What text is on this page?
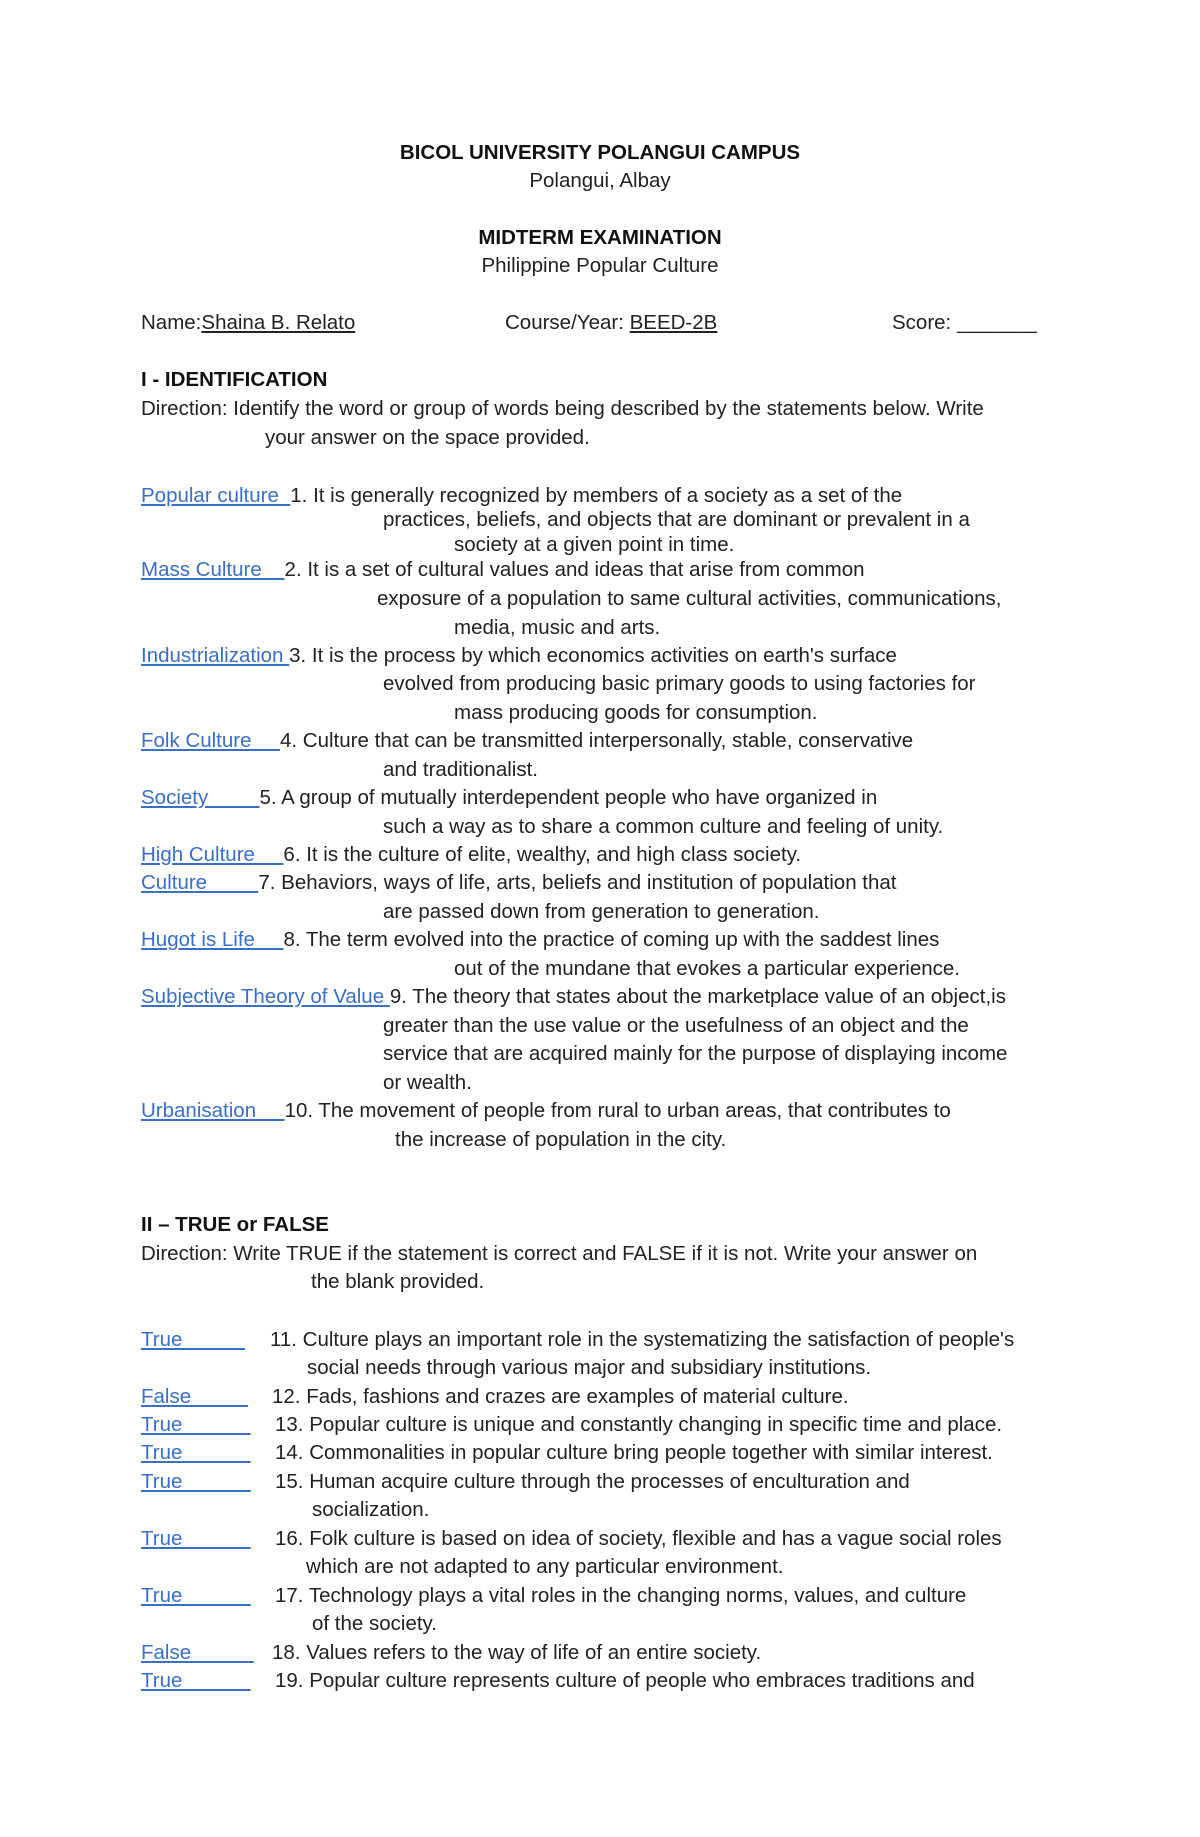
BICOL UNIVERSITY POLANGUI CAMPUS
Polangui, Albay
MIDTERM EXAMINATION
Philippine Popular Culture
Name:Shaina B. Relato	Course/Year: BEED-2B	Score: _______
I - IDENTIFICATION
Direction: Identify the word or group of words being described by the statements below. Write
your answer on the space provided.
Popular culture  1. It is generally recognized by members of a society as a set of the
practices, beliefs, and objects that are dominant or prevalent in a
society at a given point in time.
Mass Culture    2. It is a set of cultural values and ideas that arise from common
exposure of a population to same cultural activities, communications,
media, music and arts.
Industrialization 3. It is the process by which economics activities on earth's surface
evolved from producing basic primary goods to using factories for
mass producing goods for consumption.
Folk Culture     4. Culture that can be transmitted interpersonally, stable, conservative
and traditionalist.
Society         5. A group of mutually interdependent people who have organized in
such a way as to share a common culture and feeling of unity.
High Culture     6. It is the culture of elite, wealthy, and high class society.
Culture         7. Behaviors, ways of life, arts, beliefs and institution of population that
are passed down from generation to generation.
Hugot is Life     8. The term evolved into the practice of coming up with the saddest lines
out of the mundane that evokes a particular experience.
Subjective Theory of Value 9. The theory that states about the marketplace value of an object,is
greater than the use value or the usefulness of an object and the
service that are acquired mainly for the purpose of displaying income
or wealth.
Urbanisation     10. The movement of people from rural to urban areas, that contributes to
the increase of population in the city.
II – TRUE or FALSE
Direction: Write TRUE if the statement is correct and FALSE if it is not. Write your answer on
the blank provided.
True           11. Culture plays an important role in the systematizing the satisfaction of people's
social needs through various major and subsidiary institutions.
False          12. Fads, fashions and crazes are examples of material culture.
True            13. Popular culture is unique and constantly changing in specific time and place.
True            14. Commonalities in popular culture bring people together with similar interest.
True            15. Human acquire culture through the processes of enculturation and
socialization.
True            16. Folk culture is based on idea of society, flexible and has a vague social roles
which are not adapted to any particular environment.
True            17. Technology plays a vital roles in the changing norms, values, and culture
of the society.
False           18. Values refers to the way of life of an entire society.
True            19. Popular culture represents culture of people who embraces traditions and
